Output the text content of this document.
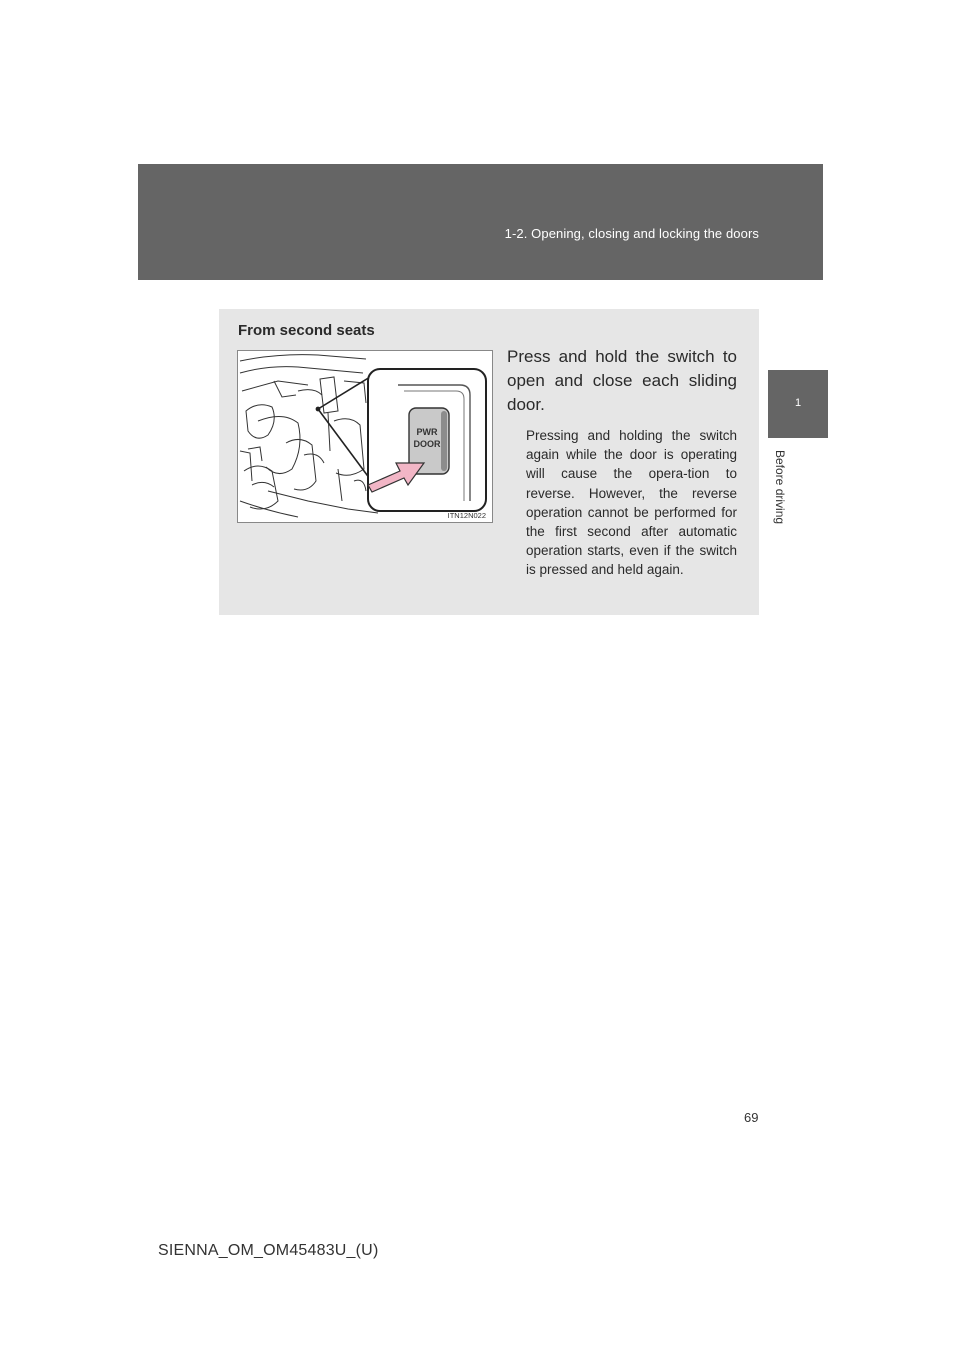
1-2. Opening, closing and locking the doors
1
Before driving
From second seats
PWR
DOOR
ITN12N022
Press and hold the switch to open and close each sliding door.
Pressing and holding the switch again while the door is operating will cause the opera-tion to reverse. However, the reverse operation cannot be performed for the first second after automatic operation starts, even if the switch is pressed and held again.
69
SIENNA_OM_OM45483U_(U)
